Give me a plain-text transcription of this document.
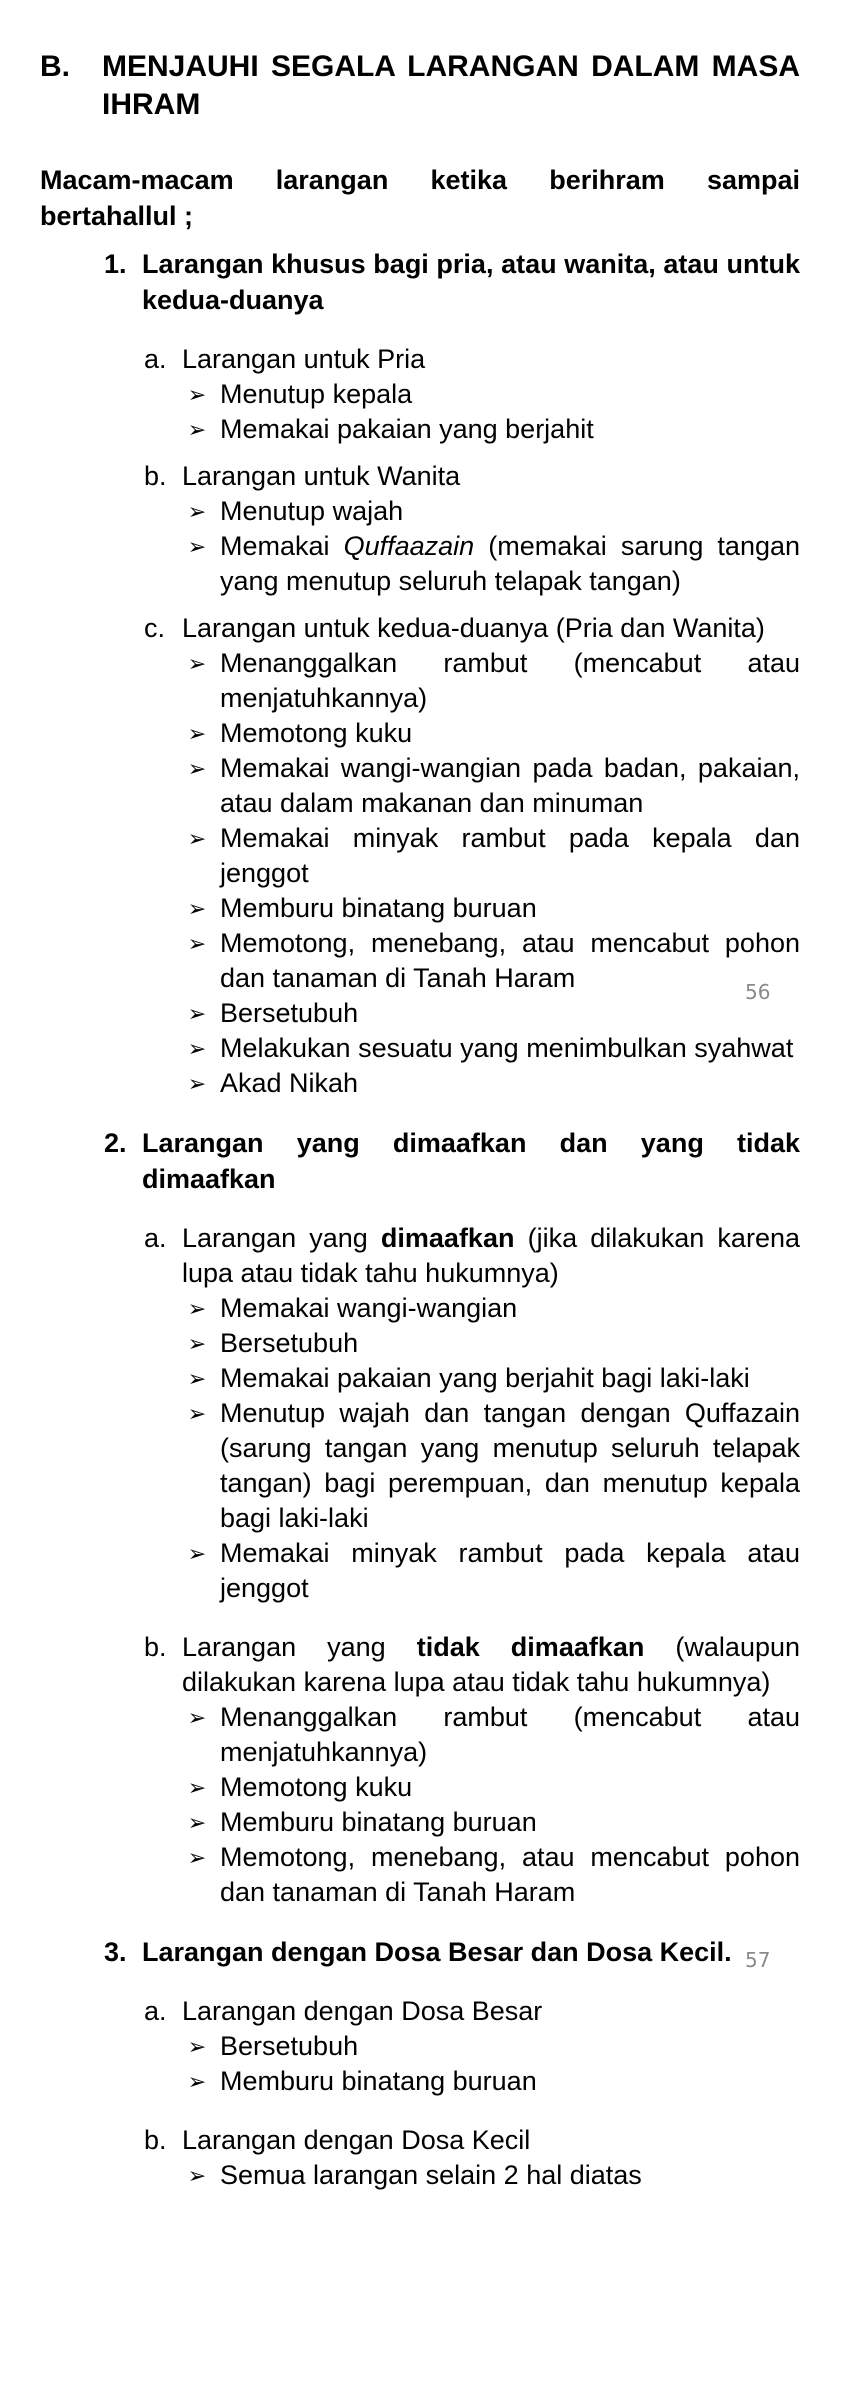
B. MENJAUHI SEGALA LARANGAN DALAM MASA IHRAM
Macam-macam larangan ketika berihram sampai bertahallul ;
1. Larangan khusus bagi pria, atau wanita, atau untuk kedua-duanya
a. Larangan untuk Pria
➢ Menutup kepala
➢ Memakai pakaian yang berjahit
b. Larangan untuk Wanita
➢ Menutup wajah
➢ Memakai Quffaazain (memakai sarung tangan yang menutup seluruh telapak tangan)
c. Larangan untuk kedua-duanya (Pria dan Wanita)
➢ Menanggalkan rambut (mencabut atau menjatuhkannya)
➢ Memotong kuku
➢ Memakai wangi-wangian pada badan, pakaian, atau dalam makanan dan minuman
➢ Memakai minyak rambut pada kepala dan jenggot
➢ Memburu binatang buruan
➢ Memotong, menebang, atau mencabut pohon dan tanaman di Tanah Haram
➢ Bersetubuh
➢ Melakukan sesuatu yang menimbulkan syahwat
➢ Akad Nikah
2. Larangan yang dimaafkan dan yang tidak dimaafkan
a. Larangan yang dimaafkan (jika dilakukan karena lupa atau tidak tahu hukumnya)
➢ Memakai wangi-wangian
➢ Bersetubuh
➢ Memakai pakaian yang berjahit bagi laki-laki
➢ Menutup wajah dan tangan dengan Quffazain (sarung tangan yang menutup seluruh telapak tangan) bagi perempuan, dan menutup kepala bagi laki-laki
➢ Memakai minyak rambut pada kepala atau jenggot
b. Larangan yang tidak dimaafkan (walaupun dilakukan karena lupa atau tidak tahu hukumnya)
➢ Menanggalkan rambut (mencabut atau menjatuhkannya)
➢ Memotong kuku
➢ Memburu binatang buruan
➢ Memotong, menebang, atau mencabut pohon dan tanaman di Tanah Haram
3. Larangan dengan Dosa Besar dan Dosa Kecil.
a. Larangan dengan Dosa Besar
➢ Bersetubuh
➢ Memburu binatang buruan
b. Larangan dengan Dosa Kecil
➢ Semua larangan selain 2 hal diatas
56
57
